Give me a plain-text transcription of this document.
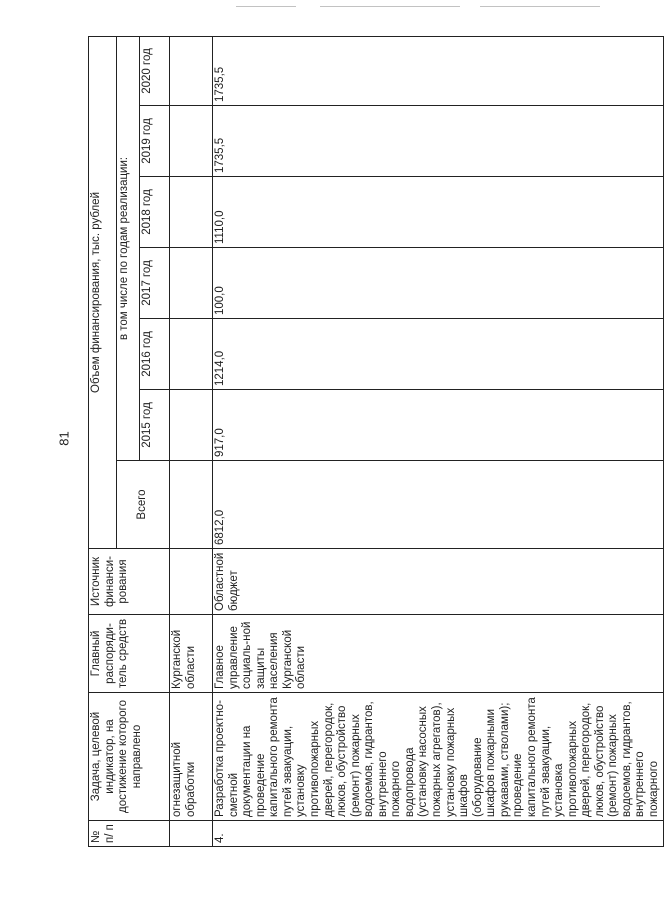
81
№ п/ п	Задача, целевой индикатор, на достижение которого направлено	Главный распоряди-тель средств	Источник финанси-рования	Объем финансирования, тыс. рублей						
				Всего	в том числе по годам реализации:					
					2015 год	2016 год	2017 год	2018 год	2019 год	2020 год
	огнезащитной обработки	Курганской области								
4.	Разработка проектно-сметной документации на проведение капитального ремонта путей эвакуации, установку противопожарных дверей, перегородок, люков, обустройство (ремонт) пожарных водоемов, гидрантов, внутреннего пожарного водопровода (установку насосных пожарных агрегатов), установку пожарных шкафов (оборудование шкафов пожарными рукавами, стволами); проведение капитального ремонта путей эвакуации, установка противопожарных дверей, перегородок, люков, обустройство (ремонт) пожарных водоемов, гидрантов, внутреннего пожарного	Главное управление социаль-ной защиты населения Курганской области	Областной бюджет	6812,0	917,0	1214,0	100,0	1110,0	1735,5	1735,5
